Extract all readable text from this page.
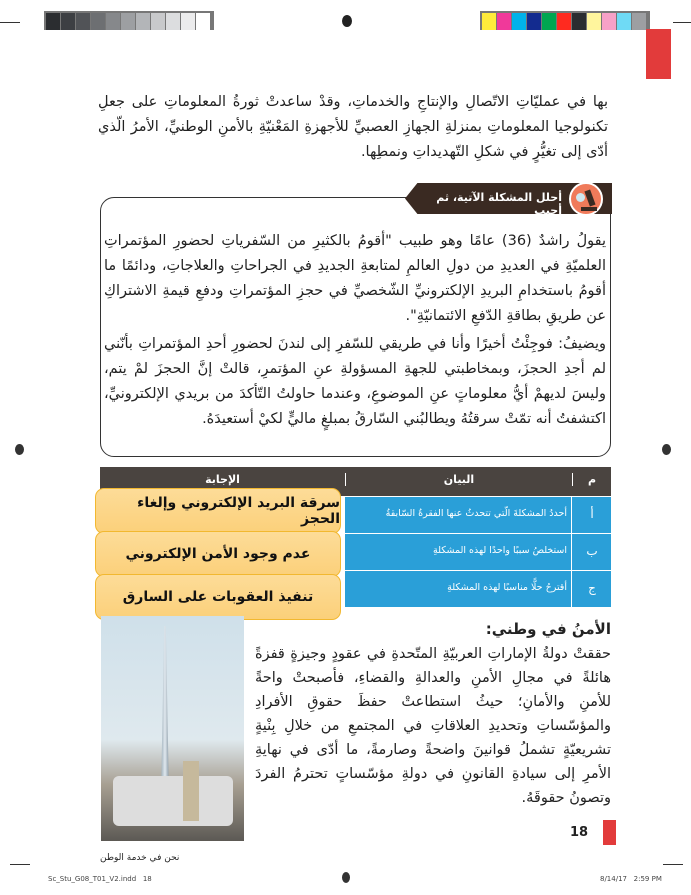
بها في عمليّاتِ الاتّصالِ والإنتاجِ والخدماتِ، وقدْ ساعدتْ ثورةُ المعلوماتِ على جعلِ تكنولوجيا المعلوماتِ بمنزلةِ الجهازِ العصبيِّ للأجهزةِ المَعْنيّةِ بالأمنِ الوطنيِّ، الأمرُ الّذي أدّى إلى تغيُّرٍ في شكلِ التّهديداتِ ونمطِها.

أحلل المشكلة الآتية، ثم أجيب

يقولُ راشدٌ (36) عامًا وهو طبيب "أقومُ بالكثيرِ من السّفرياتِ لحضورِ المؤتمراتِ العلميّةِ في العديدِ من دولِ العالمِ لمتابعةِ الجديدِ في الجراحاتِ والعلاجاتِ، ودائمًا ما أقومُ باستخدامِ البريدِ الإلكترونيِّ الشّخصيِّ في حجزِ المؤتمراتِ ودفعِ قيمةِ الاشتراكِ عن طريقِ بطاقةِ الدّفعِ الائتمانيّةِ".

ويضيفُ: فوجِئْتُ أخيرًا وأنا في طريقي للسّفرِ إلى لندنَ لحضورِ أحدِ المؤتمراتِ بأنّني لم أجدِ الحجزَ، وبمخاطبتي للجهةِ المسؤولةِ عنِ المؤتمرِ، قالتْ إنَّ الحجزَ لمْ يتم، وليسَ لديهمْ أيُّ معلوماتٍ عنِ الموضوعِ، وعندما حاولتُ التّأكدَ من بريدي الإلكترونيِّ، اكتشفتُ أنه تمّتْ سرقتُهُ ويطالبُني السّارقُ بمبلغٍ ماليٍّ لكيْ أستعيدَهُ.

م
البيان
الإجابة
أ
أحددُ المشكلةَ الّتي تتحدثُ عنها الفقرةُ السّابقةُ
ب
استخلصُ سببًا واحدًا لهذه المشكلةِ
ج
أقترحُ حلًّا مناسبًا لهذه المشكلةِ
سرقة البريد الإلكتروني وإلغاء الحجز
عدم وجود الأمن الإلكتروني
تنفيذ العقوبات على السارق
نحن في خدمة الوطن
الأمنُ في وطني:

حققتْ دولةُ الإماراتِ العربيّةِ المتّحدةِ في عقودٍ وجيزةٍ قفزةً هائلةً في مجالِ الأمنِ والعدالةِ والقضاءِ، فأصبحتْ واحةً للأمنِ والأمانِ؛ حيثُ استطاعتْ حفظَ حقوقِ الأفرادِ والمؤسّساتِ وتحديدِ العلاقاتِ في المجتمعِ من خلالِ بِنْيةٍ تشريعيّةٍ تشملُ قوانينَ واضحةً وصارمةً، ما أدّى في نهايةِ الأمرِ إلى سيادةِ القانونِ في دولةِ مؤسّساتٍ تحترمُ الفردَ وتصونُ حقوقَهُ.

18
Sc_Stu_G08_T01_V2.indd   18	8/14/17   2:59 PM
